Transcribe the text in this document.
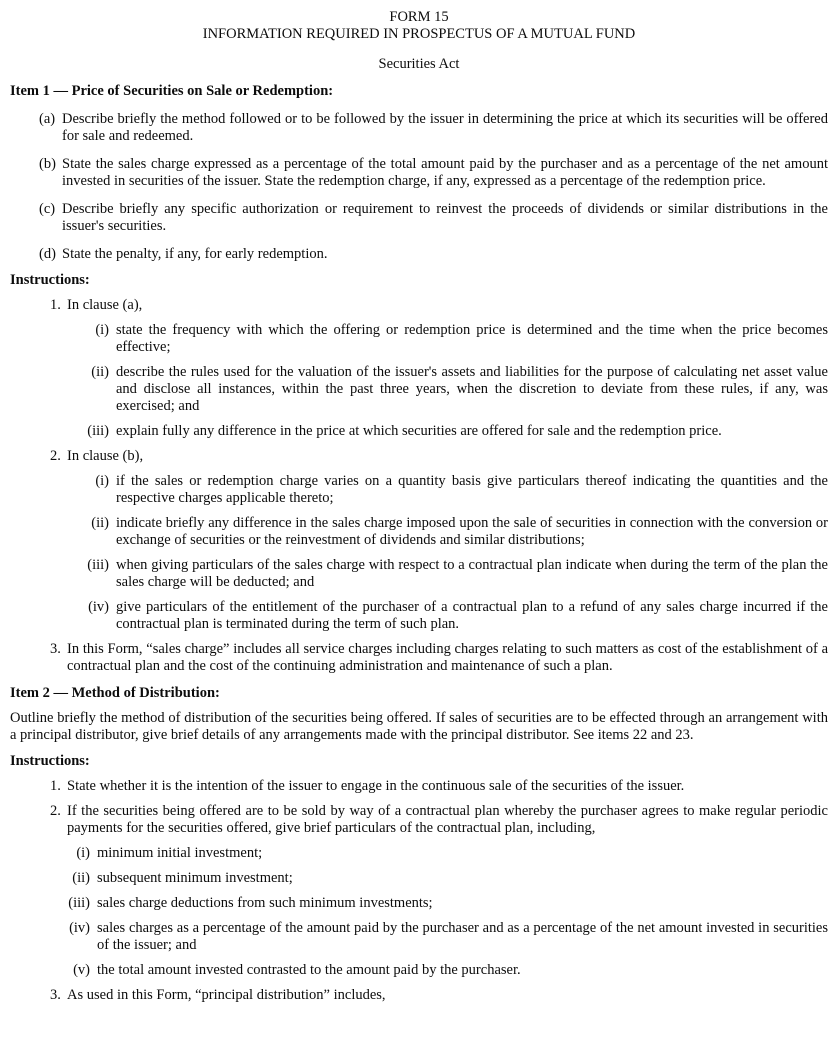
FORM 15
INFORMATION REQUIRED IN PROSPECTUS OF A MUTUAL FUND
Securities Act
Item 1 — Price of Securities on Sale or Redemption:
(a) Describe briefly the method followed or to be followed by the issuer in determining the price at which its securities will be offered for sale and redeemed.
(b) State the sales charge expressed as a percentage of the total amount paid by the purchaser and as a percentage of the net amount invested in securities of the issuer. State the redemption charge, if any, expressed as a percentage of the redemption price.
(c) Describe briefly any specific authorization or requirement to reinvest the proceeds of dividends or similar distributions in the issuer's securities.
(d) State the penalty, if any, for early redemption.
Instructions:
1. In clause (a),
(i) state the frequency with which the offering or redemption price is determined and the time when the price becomes effective;
(ii) describe the rules used for the valuation of the issuer's assets and liabilities for the purpose of calculating net asset value and disclose all instances, within the past three years, when the discretion to deviate from these rules, if any, was exercised; and
(iii) explain fully any difference in the price at which securities are offered for sale and the redemption price.
2. In clause (b),
(i) if the sales or redemption charge varies on a quantity basis give particulars thereof indicating the quantities and the respective charges applicable thereto;
(ii) indicate briefly any difference in the sales charge imposed upon the sale of securities in connection with the conversion or exchange of securities or the reinvestment of dividends and similar distributions;
(iii) when giving particulars of the sales charge with respect to a contractual plan indicate when during the term of the plan the sales charge will be deducted; and
(iv) give particulars of the entitlement of the purchaser of a contractual plan to a refund of any sales charge incurred if the contractual plan is terminated during the term of such plan.
3. In this Form, “sales charge” includes all service charges including charges relating to such matters as cost of the establishment of a contractual plan and the cost of the continuing administration and maintenance of such a plan.
Item 2 — Method of Distribution:
Outline briefly the method of distribution of the securities being offered. If sales of securities are to be effected through an arrangement with a principal distributor, give brief details of any arrangements made with the principal distributor. See items 22 and 23.
Instructions:
1. State whether it is the intention of the issuer to engage in the continuous sale of the securities of the issuer.
2. If the securities being offered are to be sold by way of a contractual plan whereby the purchaser agrees to make regular periodic payments for the securities offered, give brief particulars of the contractual plan, including,
(i) minimum initial investment;
(ii) subsequent minimum investment;
(iii) sales charge deductions from such minimum investments;
(iv) sales charges as a percentage of the amount paid by the purchaser and as a percentage of the net amount invested in securities of the issuer; and
(v) the total amount invested contrasted to the amount paid by the purchaser.
3. As used in this Form, “principal distribution” includes,
